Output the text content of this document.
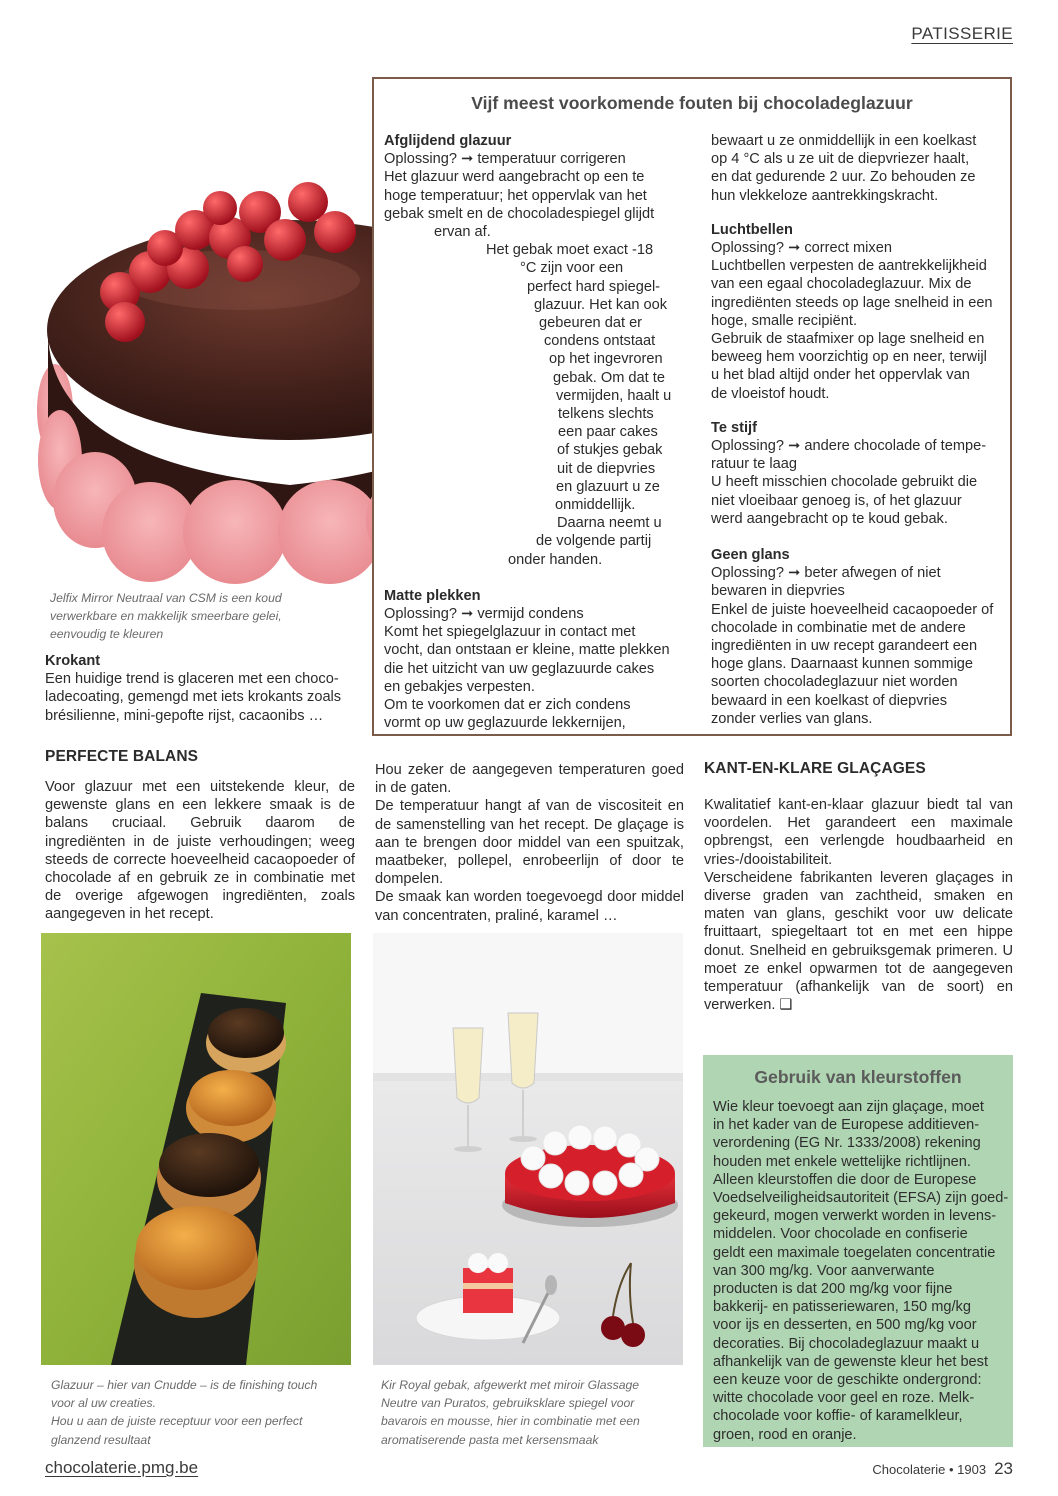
PATISSERIE
Vijf meest voorkomende fouten bij chocoladeglazuur
Afglijdend glazuur
Oplossing? ➞ temperatuur corrigeren
Het glazuur werd aangebracht op een te
hoge temperatuur; het oppervlak van het
gebak smelt en de chocoladespiegel glijdt
ervan af.
Het gebak moet exact -18
°C zijn voor een
perfect hard spiegel-
glazuur. Het kan ook
gebeuren dat er
condens ontstaat
op het ingevroren
gebak. Om dat te
vermijden, haalt u
telkens slechts
een paar cakes
of stukjes gebak
uit de diepvries
en glazuurt u ze
onmiddellijk.
Daarna neemt u
de volgende partij
onder handen.
Matte plekken
Oplossing? ➞ vermijd condens
Komt het spiegelglazuur in contact met
vocht, dan ontstaan er kleine, matte plekken
die het uitzicht van uw geglazuurde cakes
en gebakjes verpesten.
Om te voorkomen dat er zich condens
vormt op uw geglazuurde lekkernijen,
bewaart u ze onmiddellijk in een koelkast
op 4 °C als u ze uit de diepvriezer haalt,
en dat gedurende 2 uur. Zo behouden ze
hun vlekkeloze aantrekkingskracht.
Luchtbellen
Oplossing? ➞ correct mixen
Luchtbellen verpesten de aantrekkelijkheid
van een egaal chocoladeglazuur. Mix de
ingrediënten steeds op lage snelheid in een
hoge, smalle recipiënt.
Gebruik de staafmixer op lage snelheid en
beweeg hem voorzichtig op en neer, terwijl
u het blad altijd onder het oppervlak van
de vloeistof houdt.
Te stijf
Oplossing? ➞ andere chocolade of tempe-
ratuur te laag
U heeft misschien chocolade gebruikt die
niet vloeibaar genoeg is, of het glazuur
werd aangebracht op te koud gebak.
Geen glans
Oplossing? ➞ beter afwegen of niet
bewaren in diepvries
Enkel de juiste hoeveelheid cacaopoeder of
chocolade in combinatie met de andere
ingrediënten in uw recept garandeert een
hoge glans. Daarnaast kunnen sommige
soorten chocoladeglazuur niet worden
bewaard in een koelkast of diepvries
zonder verlies van glans.
Jelfix Mirror Neutraal van CSM is een koud
verwerkbare en makkelijk smeerbare gelei,
eenvoudig te kleuren
Krokant
Een huidige trend is glaceren met een choco-
ladecoating, gemengd met iets krokants zoals
brésilienne, mini-gepofte rijst, cacaonibs …
PERFECTE BALANS
Voor glazuur met een uitstekende kleur, de gewenste glans en een lekkere smaak is de balans cruciaal. Gebruik daarom de ingrediënten in de juiste verhoudingen; weeg steeds de correcte hoeveelheid cacaopoeder of chocolade af en gebruik ze in combinatie met de overige afgewogen ingrediënten, zoals aangegeven in het recept.
Hou zeker de aangegeven temperaturen goed in de gaten.
De temperatuur hangt af van de viscositeit en de samenstelling van het recept. De glaçage is aan te brengen door middel van een spuitzak, maatbeker, pollepel, enrobeerlijn of door te dompelen.
De smaak kan worden toegevoegd door middel van concentraten, praliné, karamel …
KANT-EN-KLARE GLAÇAGES
Kwalitatief kant-en-klaar glazuur biedt tal van voordelen. Het garandeert een maximale opbrengst, een verlengde houdbaarheid en vries-/dooistabiliteit.
Verscheidene fabrikanten leveren glaçages in diverse graden van zachtheid, smaken en maten van glans, geschikt voor uw delicate fruittaart, spiegeltaart tot en met een hippe donut. Snelheid en gebruiksgemak primeren. U moet ze enkel opwarmen tot de aangegeven temperatuur (afhankelijk van de soort) en verwerken. ❑
Gebruik van kleurstoffen
Wie kleur toevoegt aan zijn glaçage, moet
in het kader van de Europese additieven-
verordening (EG Nr. 1333/2008) rekening
houden met enkele wettelijke richtlijnen.
Alleen kleurstoffen die door de Europese
Voedselveiligheidsautoriteit (EFSA) zijn goed-
gekeurd, mogen verwerkt worden in levens-
middelen. Voor chocolade en confiserie
geldt een maximale toegelaten concentratie
van 300 mg/kg. Voor aanverwante
producten is dat 200 mg/kg voor fijne
bakkerij- en patisseriewaren, 150 mg/kg
voor ijs en desserten, en 500 mg/kg voor
decoraties. Bij chocoladeglazuur maakt u
afhankelijk van de gewenste kleur het best
een keuze voor de geschikte ondergrond:
witte chocolade voor geel en roze. Melk-
chocolade voor koffie- of karamelkleur,
groen, rood en oranje.
Glazuur – hier van Cnudde – is de finishing touch
voor al uw creaties.
Hou u aan de juiste receptuur voor een perfect
glanzend resultaat
Kir Royal gebak, afgewerkt met miroir Glassage
Neutre van Puratos, gebruiksklare spiegel voor
bavarois en mousse, hier in combinatie met een
aromatiserende pasta met kersensmaak
chocolaterie.pmg.be	Chocolaterie • 1903 23
